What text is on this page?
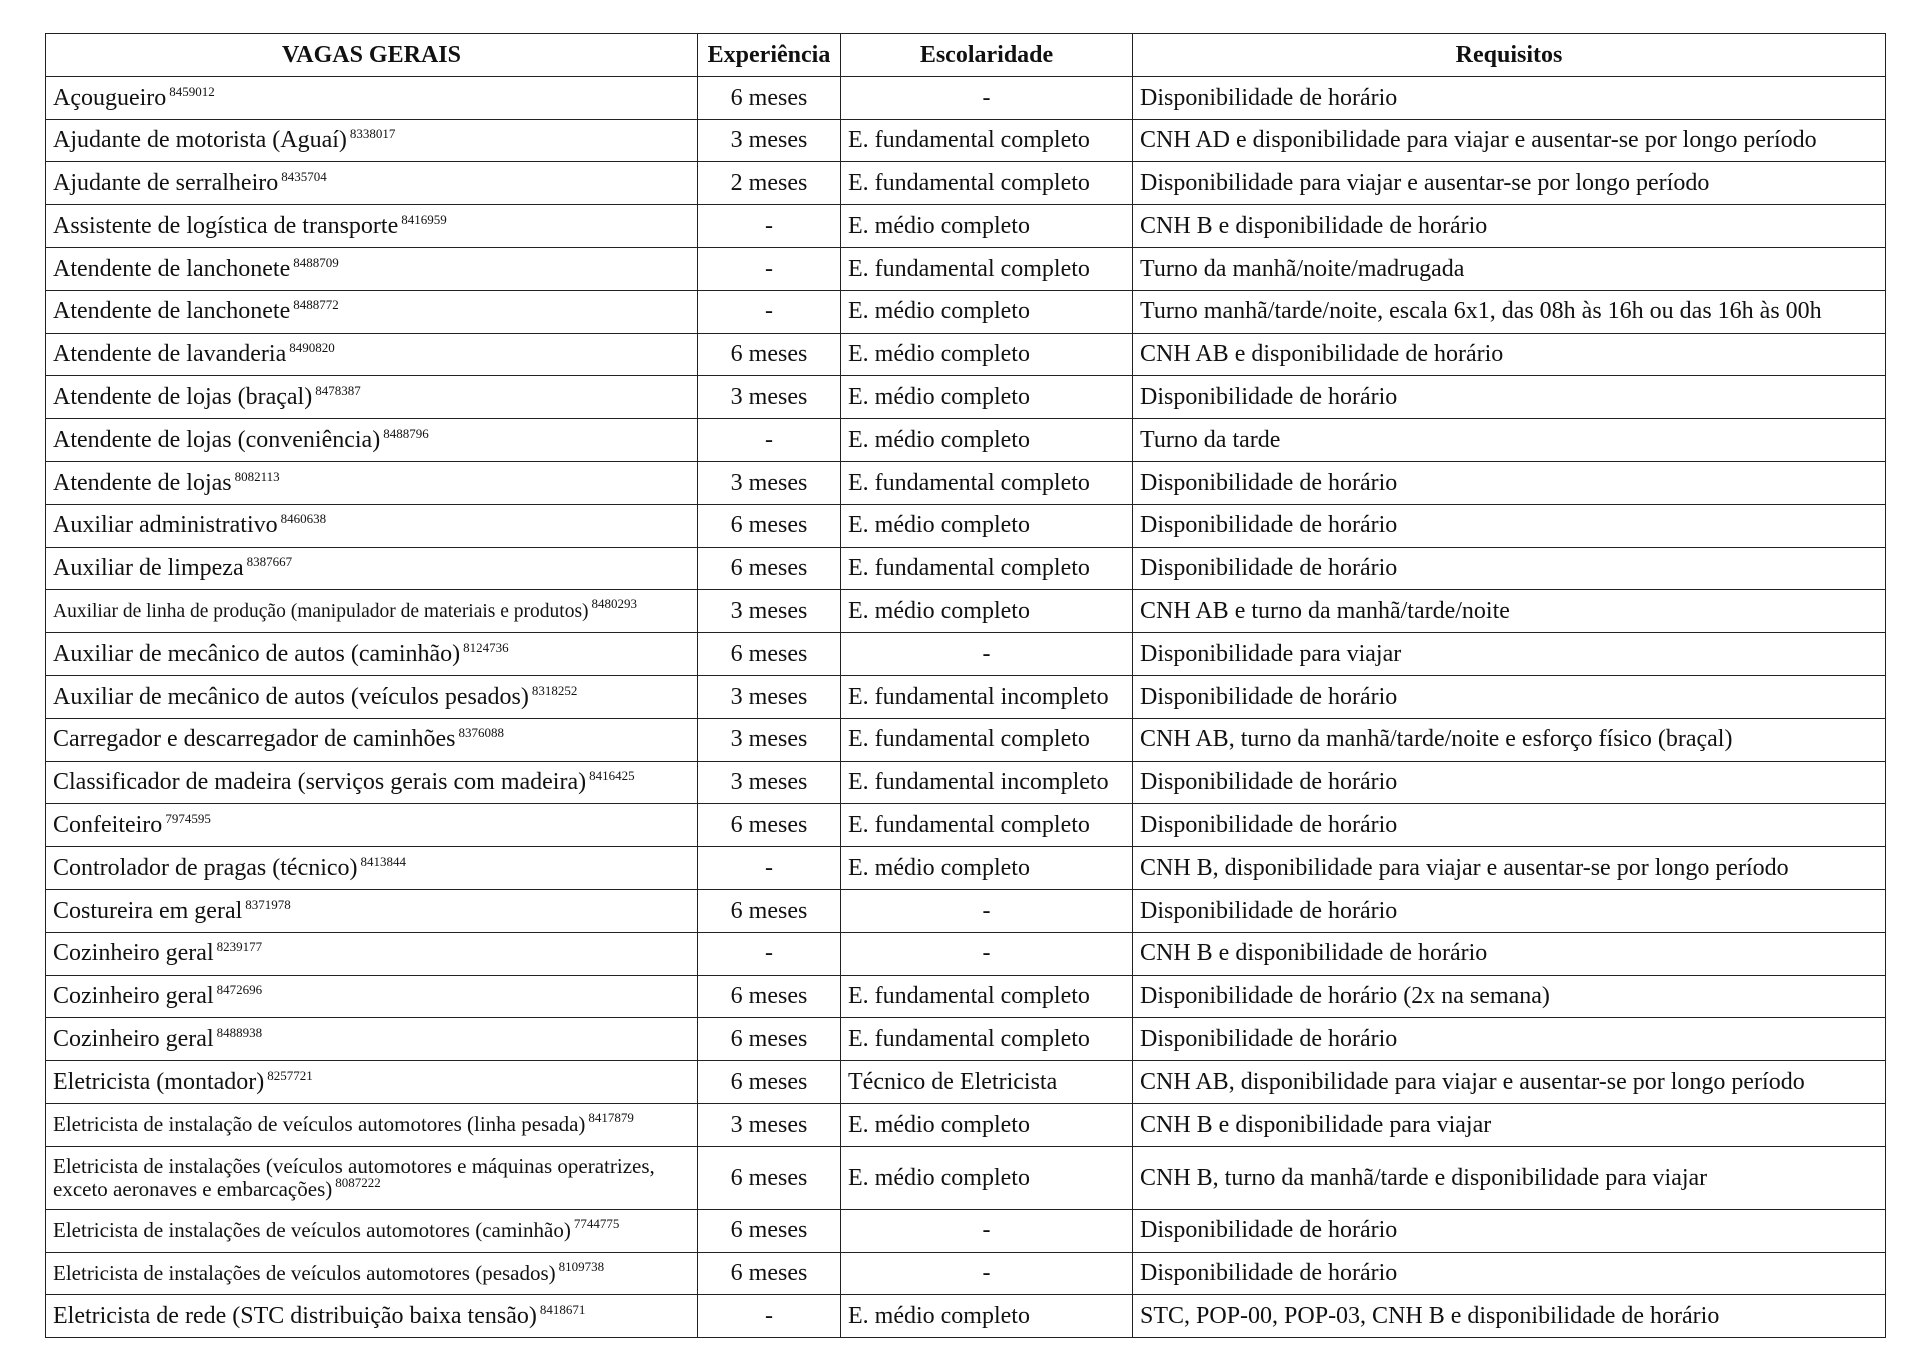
VAGAS GERAIS	Experiência	Escolaridade	Requisitos
Açougueiro $^{8459012}$	6 meses	-	Disponibilidade de horário
Ajudante de motorista (Aguaí) $^{8338017}$	3 meses	E. fundamental completo	CNH AD e disponibilidade para viajar e ausentar-se por longo período
Ajudante de serralheiro $^{8435704}$	2 meses	E. fundamental completo	Disponibilidade para viajar e ausentar-se por longo período
Assistente de logística de transporte $^{8416959}$	-	E. médio completo	CNH B e disponibilidade de horário
Atendente de lanchonete $^{8488709}$	-	E. fundamental completo	Turno da manhã/noite/madrugada
Atendente de lanchonete $^{8488772}$	-	E. médio completo	Turno manhã/tarde/noite, escala 6x1, das 08h às 16h ou das 16h às 00h
Atendente de lavanderia $^{8490820}$	6 meses	E. médio completo	CNH AB e disponibilidade de horário
Atendente de lojas (braçal) $^{8478387}$	3 meses	E. médio completo	Disponibilidade de horário
Atendente de lojas (conveniência) $^{8488796}$	-	E. médio completo	Turno da tarde
Atendente de lojas $^{8082113}$	3 meses	E. fundamental completo	Disponibilidade de horário
Auxiliar administrativo $^{8460638}$	6 meses	E. médio completo	Disponibilidade de horário
Auxiliar de limpeza $^{8387667}$	6 meses	E. fundamental completo	Disponibilidade de horário
Auxiliar de linha de produção (manipulador de materiais e produtos) $^{8480293}$	3 meses	E. médio completo	CNH AB e turno da manhã/tarde/noite
Auxiliar de mecânico de autos (caminhão) $^{8124736}$	6 meses	-	Disponibilidade para viajar
Auxiliar de mecânico de autos (veículos pesados) $^{8318252}$	3 meses	E. fundamental incompleto	Disponibilidade de horário
Carregador e descarregador de caminhões $^{8376088}$	3 meses	E. fundamental completo	CNH AB, turno da manhã/tarde/noite e esforço físico (braçal)
Classificador de madeira (serviços gerais com madeira) $^{8416425}$	3 meses	E. fundamental incompleto	Disponibilidade de horário
Confeiteiro $^{7974595}$	6 meses	E. fundamental completo	Disponibilidade de horário
Controlador de pragas (técnico) $^{8413844}$	-	E. médio completo	CNH B, disponibilidade para viajar e ausentar-se por longo período
Costureira em geral $^{8371978}$	6 meses	-	Disponibilidade de horário
Cozinheiro geral $^{8239177}$	-	-	CNH B e disponibilidade de horário
Cozinheiro geral $^{8472696}$	6 meses	E. fundamental completo	Disponibilidade de horário (2x na semana)
Cozinheiro geral $^{8488938}$	6 meses	E. fundamental completo	Disponibilidade de horário
Eletricista (montador) $^{8257721}$	6 meses	Técnico de Eletricista	CNH AB, disponibilidade para viajar e ausentar-se por longo período
Eletricista de instalação de veículos automotores (linha pesada) $^{8417879}$	3 meses	E. médio completo	CNH B e disponibilidade para viajar
Eletricista de instalações (veículos automotores e máquinas operatrizes, exceto aeronaves e embarcações) $^{8087222}$	6 meses	E. médio completo	CNH B, turno da manhã/tarde e disponibilidade para viajar
Eletricista de instalações de veículos automotores (caminhão) $^{7744775}$	6 meses	-	Disponibilidade de horário
Eletricista de instalações de veículos automotores (pesados) $^{8109738}$	6 meses	-	Disponibilidade de horário
Eletricista de rede (STC distribuição baixa tensão) $^{8418671}$	-	E. médio completo	STC, POP-00, POP-03, CNH B e disponibilidade de horário
